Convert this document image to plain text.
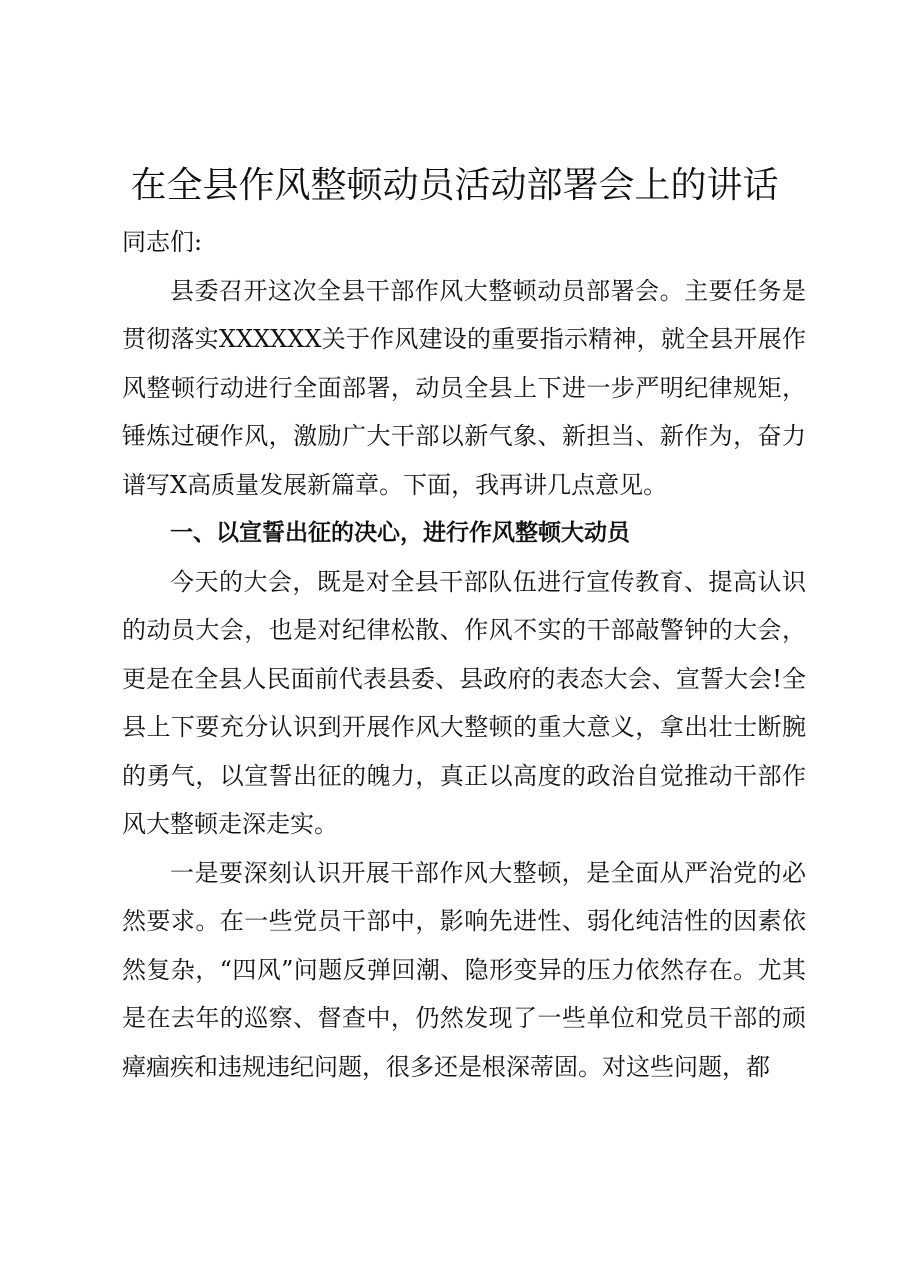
在全县作风整顿动员活动部署会上的讲话

同志们:

县委召开这次全县干部作风大整顿动员部署会。主要任务是贯彻落实XXXXXX关于作风建设的重要指示精神，就全县开展作风整顿行动进行全面部署，动员全县上下进一步严明纪律规矩，锤炼过硬作风，激励广大干部以新气象、新担当、新作为，奋力谱写X高质量发展新篇章。下面，我再讲几点意见。

一、以宣誓出征的决心，进行作风整顿大动员

今天的大会，既是对全县干部队伍进行宣传教育、提高认识的动员大会，也是对纪律松散、作风不实的干部敲警钟的大会，更是在全县人民面前代表县委、县政府的表态大会、宣誓大会!全县上下要充分认识到开展作风大整顿的重大意义，拿出壮士断腕的勇气，以宣誓出征的魄力，真正以高度的政治自觉推动干部作风大整顿走深走实。

一是要深刻认识开展干部作风大整顿，是全面从严治党的必然要求。在一些党员干部中，影响先进性、弱化纯洁性的因素依然复杂，“四风”问题反弹回潮、隐形变异的压力依然存在。尤其是在去年的巡察、督查中，仍然发现了一些单位和党员干部的顽瘴痼疾和违规违纪问题，很多还是根深蒂固。对这些问题，都
